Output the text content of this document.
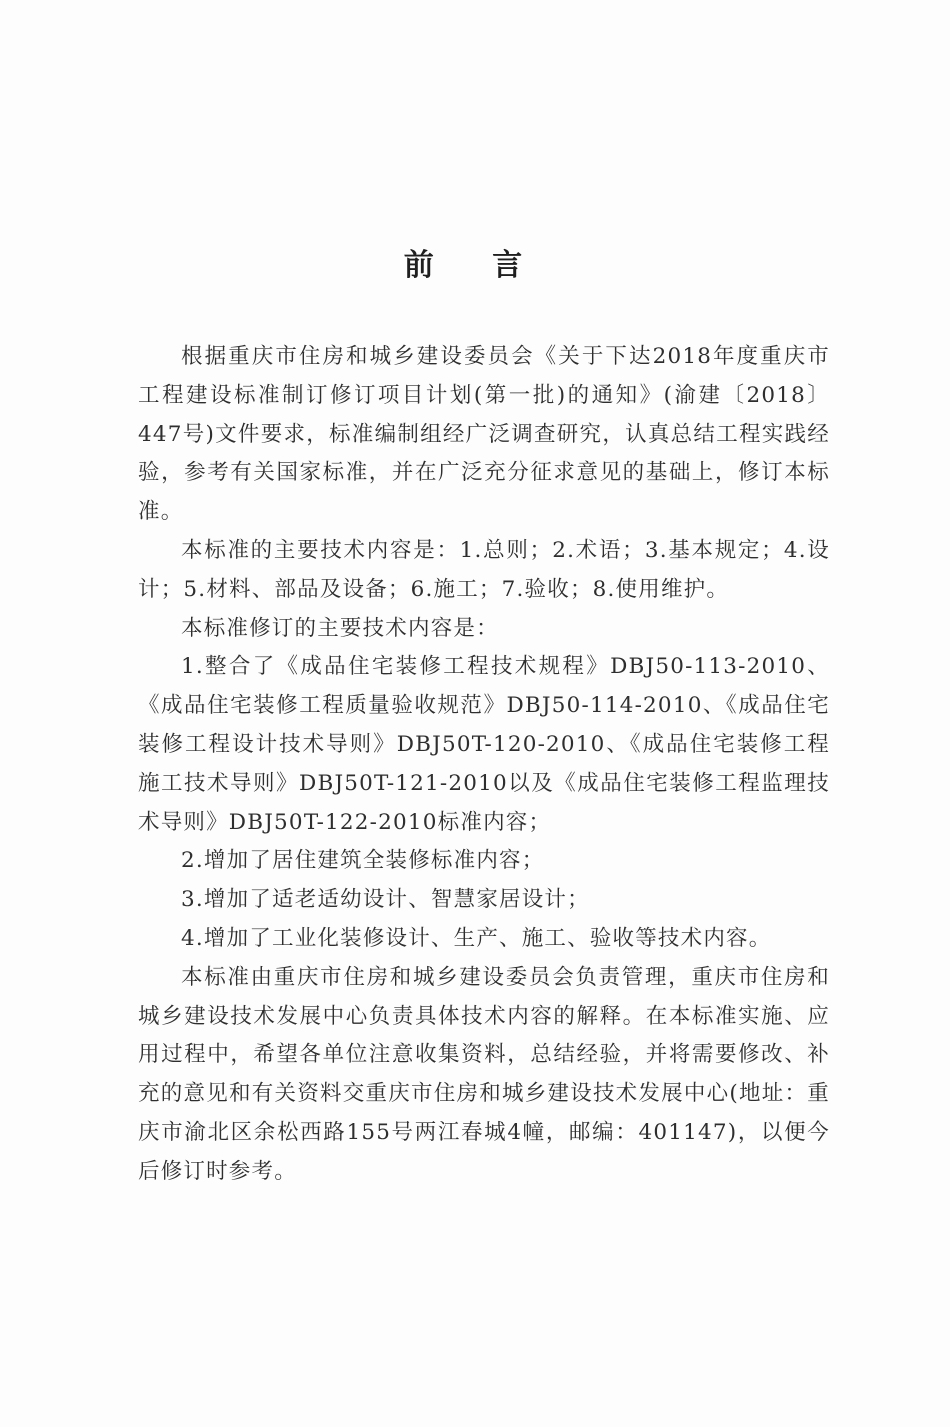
前 言

根据重庆市住房和城乡建设委员会《关于下达2018年度重庆市工程建设标准制订修订项目计划(第一批)的通知》(渝建〔2018〕447号)文件要求，标准编制组经广泛调查研究，认真总结工程实践经验，参考有关国家标准，并在广泛充分征求意见的基础上，修订本标准。

本标准的主要技术内容是：1.总则；2.术语；3.基本规定；4.设计；5.材料、部品及设备；6.施工；7.验收；8.使用维护。

本标准修订的主要技术内容是：

1.整合了《成品住宅装修工程技术规程》DBJ50-113-2010、《成品住宅装修工程质量验收规范》DBJ50-114-2010、《成品住宅装修工程设计技术导则》DBJ50T-120-2010、《成品住宅装修工程施工技术导则》DBJ50T-121-2010以及《成品住宅装修工程监理技术导则》DBJ50T-122-2010标准内容；

2.增加了居住建筑全装修标准内容；

3.增加了适老适幼设计、智慧家居设计；

4.增加了工业化装修设计、生产、施工、验收等技术内容。

本标准由重庆市住房和城乡建设委员会负责管理，重庆市住房和城乡建设技术发展中心负责具体技术内容的解释。在本标准实施、应用过程中，希望各单位注意收集资料，总结经验，并将需要修改、补充的意见和有关资料交重庆市住房和城乡建设技术发展中心(地址：重庆市渝北区余松西路155号两江春城4幢，邮编：401147)，以便今后修订时参考。
